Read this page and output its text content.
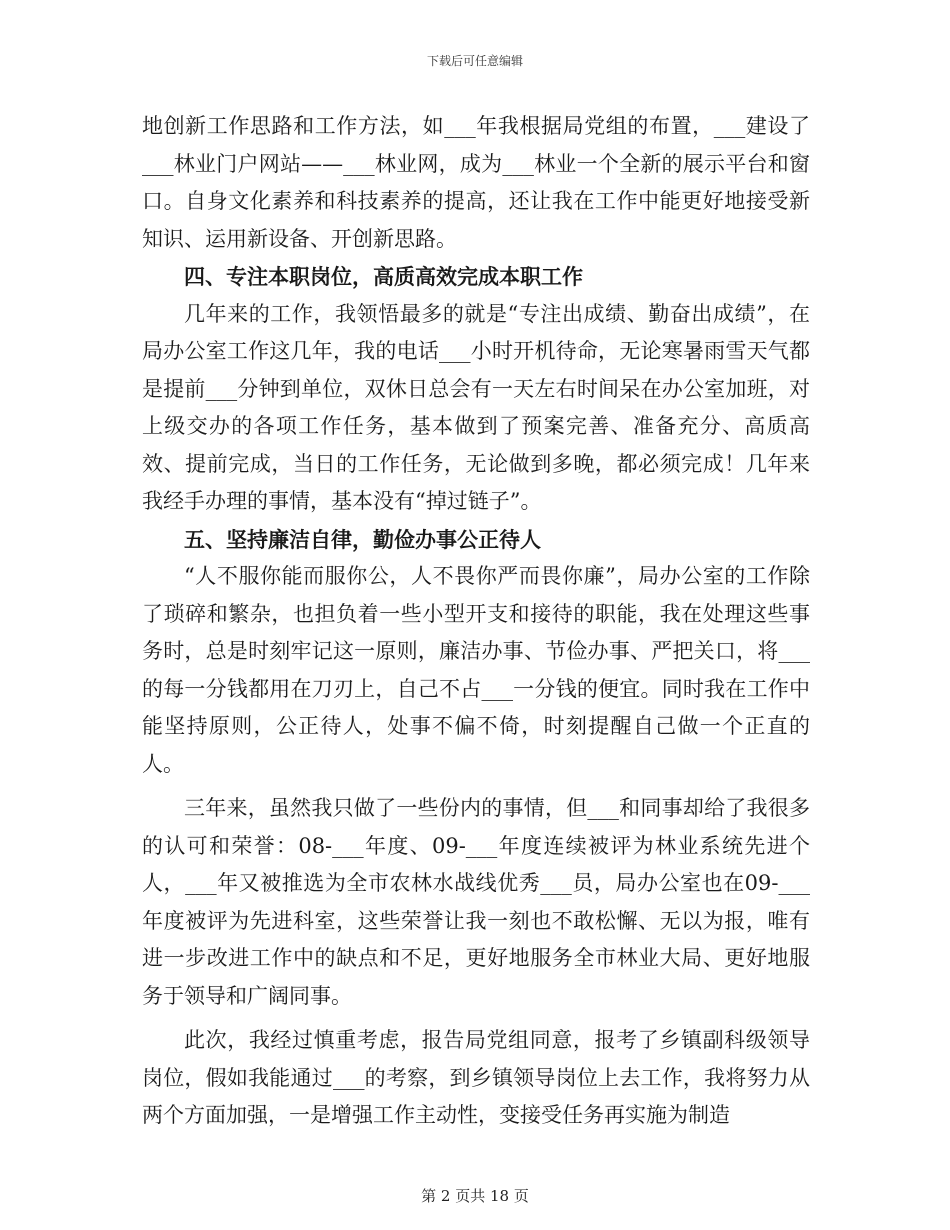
下载后可任意编辑

地创新工作思路和工作方法，如___年我根据局党组的布置，___建设了___林业门户网站——___林业网，成为___林业一个全新的展示平台和窗口。自身文化素养和科技素养的提高，还让我在工作中能更好地接受新知识、运用新设备、开创新思路。

四、专注本职岗位，高质高效完成本职工作

几年来的工作，我领悟最多的就是“专注出成绩、勤奋出成绩”，在局办公室工作这几年，我的电话___小时开机待命，无论寒暑雨雪天气都是提前___分钟到单位，双休日总会有一天左右时间呆在办公室加班，对上级交办的各项工作任务，基本做到了预案完善、准备充分、高质高效、提前完成，当日的工作任务，无论做到多晚，都必须完成！几年来我经手办理的事情，基本没有“掉过链子”。

五、坚持廉洁自律，勤俭办事公正待人

“人不服你能而服你公，人不畏你严而畏你廉”，局办公室的工作除了琐碎和繁杂，也担负着一些小型开支和接待的职能，我在处理这些事务时，总是时刻牢记这一原则，廉洁办事、节俭办事、严把关口，将___的每一分钱都用在刀刃上，自己不占___一分钱的便宜。同时我在工作中能坚持原则，公正待人，处事不偏不倚，时刻提醒自己做一个正直的人。

三年来，虽然我只做了一些份内的事情，但___和同事却给了我很多的认可和荣誉：08-___年度、09-___年度连续被评为林业系统先进个人，___年又被推选为全市农林水战线优秀___员，局办公室也在09-___年度被评为先进科室，这些荣誉让我一刻也不敢松懈、无以为报，唯有进一步改进工作中的缺点和不足，更好地服务全市林业大局、更好地服务于领导和广阔同事。

此次，我经过慎重考虑，报告局党组同意，报考了乡镇副科级领导岗位，假如我能通过___的考察，到乡镇领导岗位上去工作，我将努力从两个方面加强，一是增强工作主动性，变接受任务再实施为制造

第 2 页共 18 页
